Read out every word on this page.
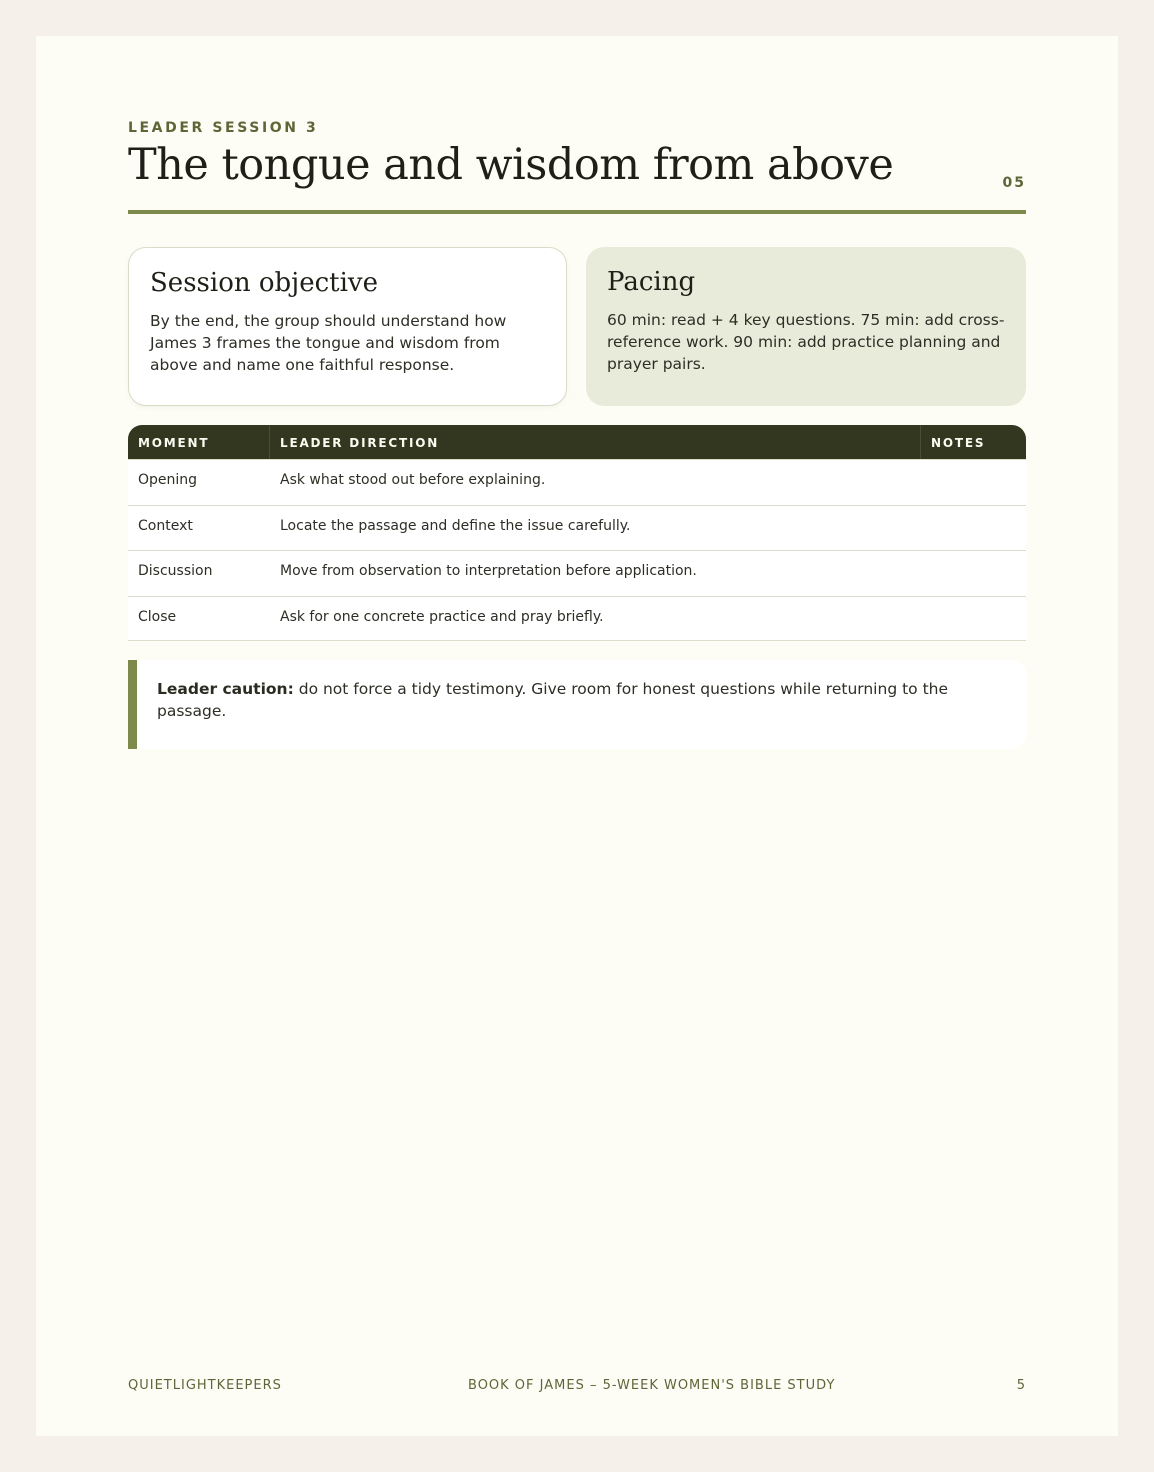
LEADER SESSION 3
The tongue and wisdom from above	05
Session objective

By the end, the group should understand how James 3 frames the tongue and wisdom from above and name one faithful response.

Pacing

60 min: read + 4 key questions. 75 min: add cross-reference work. 90 min: add practice planning and prayer pairs.

MOMENT	LEADER DIRECTION	NOTES
Opening	Ask what stood out before explaining.
Context	Locate the passage and define the issue carefully.
Discussion	Move from observation to interpretation before application.
Close	Ask for one concrete practice and pray briefly.
Leader caution: do not force a tidy testimony. Give room for honest questions while returning to the passage.
QUIETLIGHTKEEPERS	BOOK OF JAMES – 5-WEEK WOMEN'S BIBLE STUDY	5
